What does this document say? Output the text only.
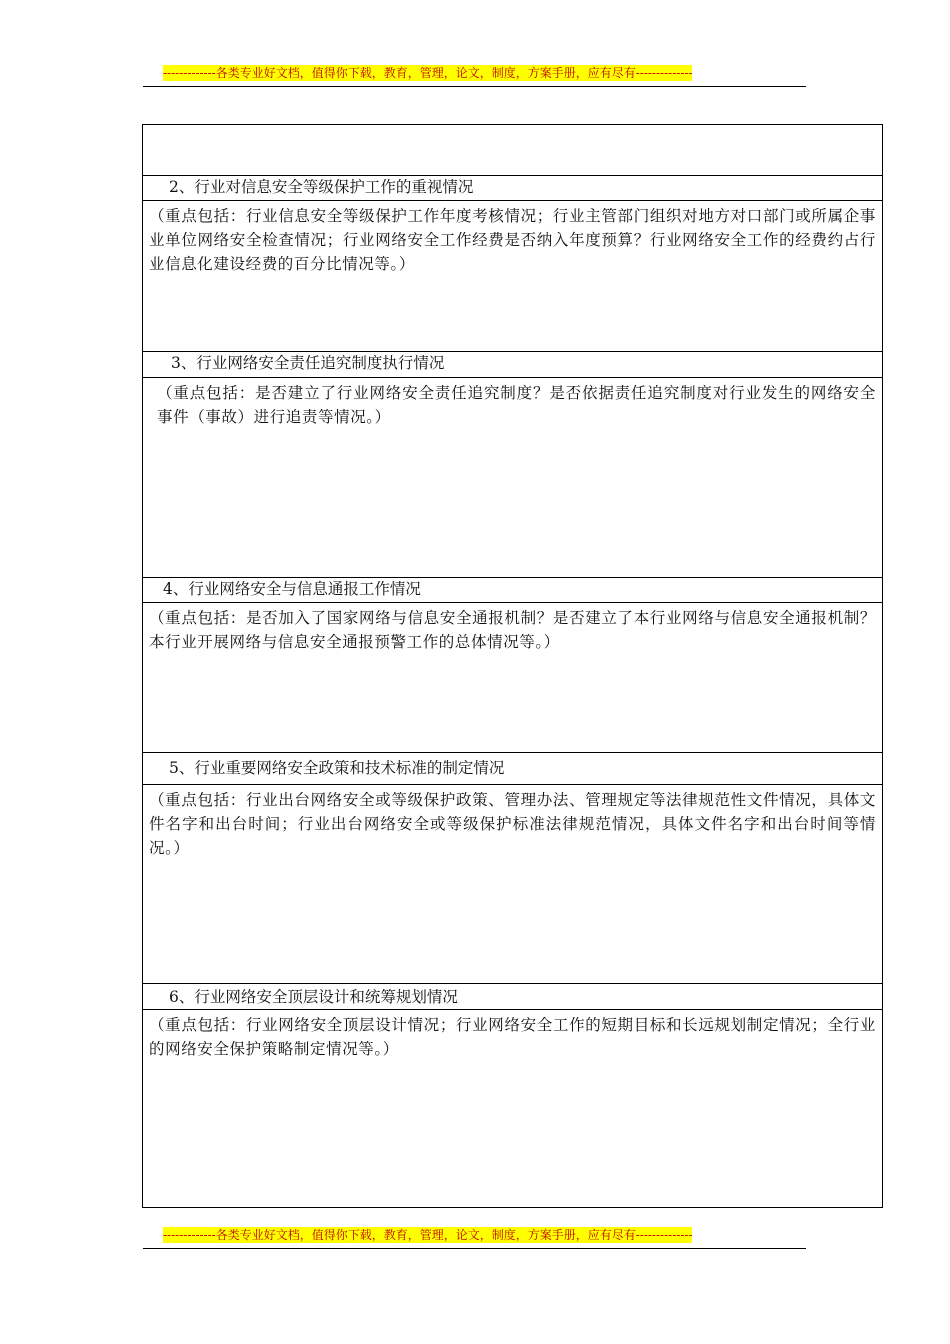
-------------各类专业好文档，值得你下载，教育，管理，论文，制度，方案手册，应有尽有--------------
2、行业对信息安全等级保护工作的重视情况
（重点包括：行业信息安全等级保护工作年度考核情况；行业主管部门组织对地方对口部门或所属企事业单位网络安全检查情况；行业网络安全工作经费是否纳入年度预算？行业网络安全工作的经费约占行业信息化建设经费的百分比情况等。）
3、行业网络安全责任追究制度执行情况
（重点包括：是否建立了行业网络安全责任追究制度？是否依据责任追究制度对行业发生的网络安全事件（事故）进行追责等情况。）
4、行业网络安全与信息通报工作情况
（重点包括：是否加入了国家网络与信息安全通报机制？是否建立了本行业网络与信息安全通报机制？本行业开展网络与信息安全通报预警工作的总体情况等。）
5、行业重要网络安全政策和技术标准的制定情况
（重点包括：行业出台网络安全或等级保护政策、管理办法、管理规定等法律规范性文件情况，具体文件名字和出台时间；行业出台网络安全或等级保护标准法律规范情况，具体文件名字和出台时间等情况。）
6、行业网络安全顶层设计和统筹规划情况
（重点包括：行业网络安全顶层设计情况；行业网络安全工作的短期目标和长远规划制定情况；全行业的网络安全保护策略制定情况等。）
-------------各类专业好文档，值得你下载，教育，管理，论文，制度，方案手册，应有尽有--------------
